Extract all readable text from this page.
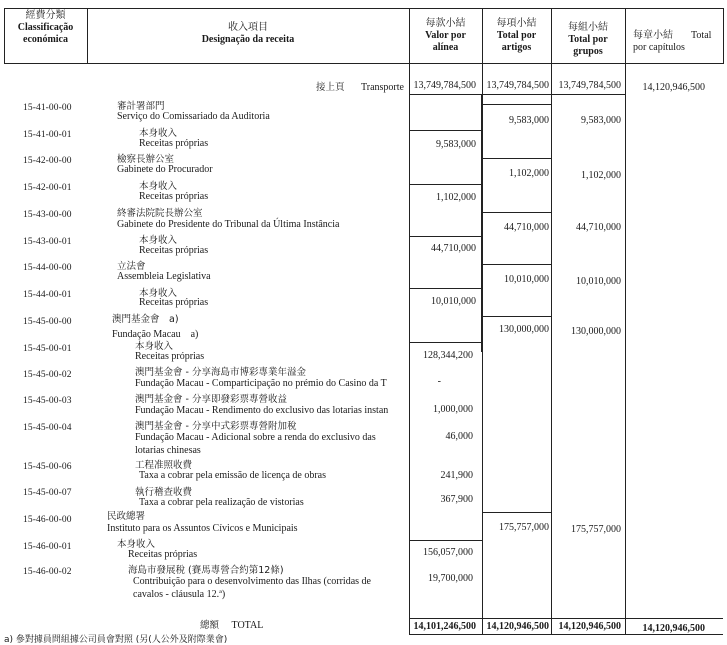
經費分類
Classificação
económica
收入項目
Designação da receita
每款小結
Valor por
alínea
每項小結
Total por
artigos
每組小結
Total por
grupos
每章小結 Total
por capítulos
接上頁 Transporte 13,749,784,500 13,749,784,500 13,749,784,500 14,120,946,500
15-41-00-00	審計署部門
Serviço do Comissariado da Auditoria	9,583,000	9,583,000
15-41-00-01	本身收入
Receitas próprias	9,583,000
15-42-00-00	檢察長辦公室
Gabinete do Procurador	1,102,000	1,102,000
15-42-00-01	本身收入
Receitas próprias	1,102,000
15-43-00-00	終審法院院長辦公室
Gabinete do Presidente do Tribunal da Última Instância	44,710,000	44,710,000
15-43-00-01	本身收入
Receitas próprias	44,710,000
15-44-00-00	立法會
Assembleia Legislativa	10,010,000	10,010,000
15-44-00-01	本身收入
Receitas próprias	10,010,000
15-45-00-00	澳門基金會　a)
Fundação Macau　a)	130,000,000 130,000,000
15-45-00-01	本身收入
Receitas próprias	128,344,200
15-45-00-02	澳門基金會 - 分享海島市博彩專業年溢金
Fundação Macau - Comparticipação no prémio do Casino da T	-
15-45-00-03	澳門基金會 - 分享即發彩票專營收益
Fundação Macau - Rendimento do exclusivo das lotarias instan	1,000,000
15-45-00-04	澳門基金會 - 分享中式彩票專營附加稅
Fundação Macau - Adicional sobre a renda do exclusivo das
lotarias chinesas
46,000
15-45-00-06	工程准照收費
Taxa a cobrar pela emissão de licença de obras	241,900
15-45-00-07	執行稽查收費
Taxa a cobrar pela realização de vistorias	367,900
15-46-00-00	民政總署
Instituto para os Assuntos Cívicos e Municipais	175,757,000 175,757,000
15-46-00-01	本身收入
Receitas próprias	156,057,000
15-46-00-02	海島市發展稅 (賽馬專營合約第12條)
Contribuição para o desenvolvimento das Ilhas (corridas de
cavalos - cláusula 12.ª)
19,700,000
總額 TOTAL	14,101,246,500 14,120,946,500 14,120,946,500 14,120,946,500
a) 參對據員問組據公司員會對照 (另(人公外及附際業會)
